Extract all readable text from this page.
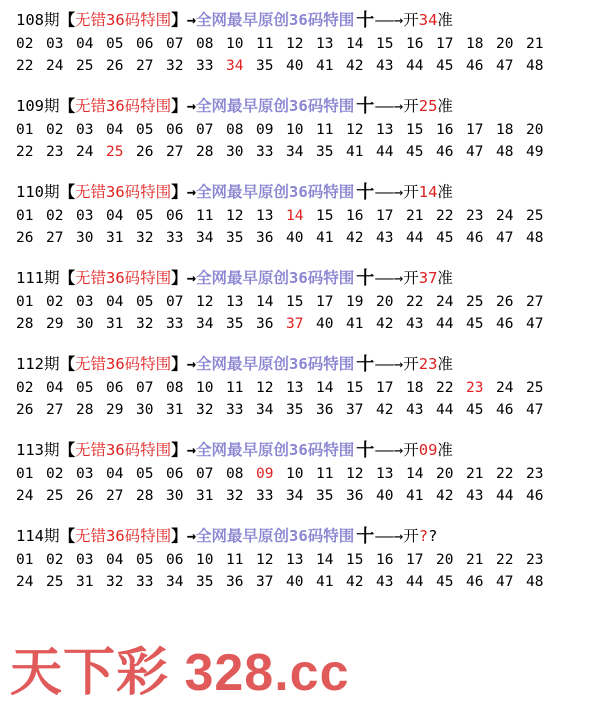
108期 【 无错36码特围 】 → 全网最早原创36码特围 十 ——→ 开 34 准
02 03 04 05 06 07 08 10 11 12 13 14 15 16 17 18 20 21
22 24 25 26 27 32 33 34 35 40 41 42 43 44 45 46 47 48
109期 【 无错36码特围 】 → 全网最早原创36码特围 十 ——→ 开 25 准
01 02 03 04 05 06 07 08 09 10 11 12 13 15 16 17 18 20
22 23 24 25 26 27 28 30 33 34 35 41 44 45 46 47 48 49
110期 【 无错36码特围 】 → 全网最早原创36码特围 十 ——→ 开 14 准
01 02 03 04 05 06 11 12 13 14 15 16 17 21 22 23 24 25
26 27 30 31 32 33 34 35 36 40 41 42 43 44 45 46 47 48
111期 【 无错36码特围 】 → 全网最早原创36码特围 十 ——→ 开 37 准
01 02 03 04 05 07 12 13 14 15 17 19 20 22 24 25 26 27
28 29 30 31 32 33 34 35 36 37 40 41 42 43 44 45 46 47
112期 【 无错36码特围 】 → 全网最早原创36码特围 十 ——→ 开 23 准
02 04 05 06 07 08 10 11 12 13 14 15 17 18 22 23 24 25
26 27 28 29 30 31 32 33 34 35 36 37 42 43 44 45 46 47
113期 【 无错36码特围 】 → 全网最早原创36码特围 十 ——→ 开 09 准
01 02 03 04 05 06 07 08 09 10 11 12 13 14 20 21 22 23
24 25 26 27 28 30 31 32 33 34 35 36 40 41 42 43 44 46
114期 【 无错36码特围 】 → 全网最早原创36码特围 十 ——→ 开 ? ?
01 02 03 04 05 06 10 11 12 13 14 15 16 17 20 21 22 23
24 25 31 32 33 34 35 36 37 40 41 42 43 44 45 46 47 48
天下彩 328.cc
